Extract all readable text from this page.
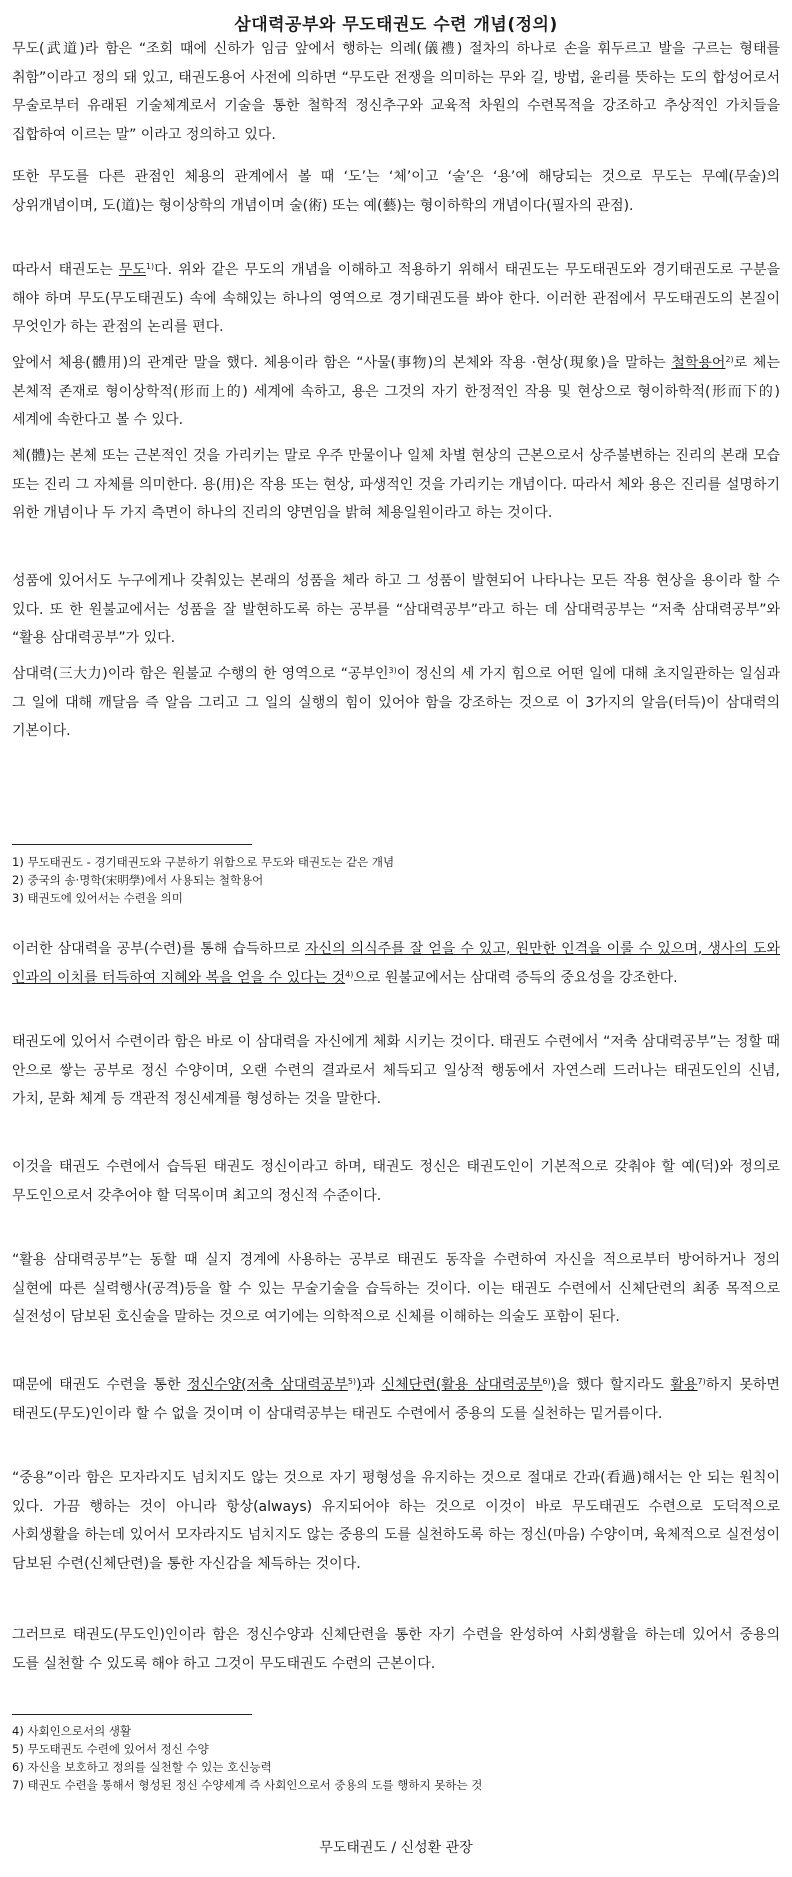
삼대력공부와 무도태권도 수련 개념(정의)

무도(武道)라 함은 “조회 때에 신하가 임금 앞에서 행하는 의례(儀禮) 절차의 하나로 손을 휘두르고 발을 구르는 형태를 취함”이라고 정의 돼 있고, 태권도용어 사전에 의하면 “무도란 전쟁을 의미하는 무와 길, 방법, 윤리를 뜻하는 도의 합성어로서 무술로부터 유래된 기술체계로서 기술을 통한 철학적 정신추구와 교육적 차원의 수련목적을 강조하고 추상적인 가치들을 집합하여 이르는 말” 이라고 정의하고 있다.

또한 무도를 다른 관점인 체용의 관계에서 볼 때 ‘도’는 ‘체’이고 ‘술’은 ‘용’에 해당되는 것으로 무도는 무예(무술)의 상위개념이며, 도(道)는 형이상학의 개념이며 술(術) 또는 예(藝)는 형이하학의 개념이다(필자의 관점).

따라서 태권도는 무도$^{1)}$다. 위와 같은 무도의 개념을 이해하고 적용하기 위해서 태권도는 무도태권도와 경기태권도로 구분을 해야 하며 무도(무도태권도) 속에 속해있는 하나의 영역으로 경기태권도를 봐야 한다. 이러한 관점에서 무도태권도의 본질이 무엇인가 하는 관점의 논리를 편다.

앞에서 체용(體用)의 관계란 말을 했다. 체용이라 함은 “사물(事物)의 본체와 작용 ·현상(現象)을 말하는 철학용어$^{2)}$로 체는 본체적 존재로 형이상학적(形而上的) 세계에 속하고, 용은 그것의 자기 한정적인 작용 및 현상으로 형이하학적(形而下的) 세계에 속한다고 볼 수 있다.

체(體)는 본체 또는 근본적인 것을 가리키는 말로 우주 만물이나 일체 차별 현상의 근본으로서 상주불변하는 진리의 본래 모습 또는 진리 그 자체를 의미한다. 용(用)은 작용 또는 현상, 파생적인 것을 가리키는 개념이다. 따라서 체와 용은 진리를 설명하기 위한 개념이나 두 가지 측면이 하나의 진리의 양면임을 밝혀 체용일원이라고 하는 것이다.

성품에 있어서도 누구에게나 갖춰있는 본래의 성품을 체라 하고 그 성품이 발현되어 나타나는 모든 작용 현상을 용이라 할 수 있다. 또 한 원불교에서는 성품을 잘 발현하도록 하는 공부를 “삼대력공부”라고 하는 데 삼대력공부는 “저축 삼대력공부”와 “활용 삼대력공부”가 있다.

삼대력(三大力)이라 함은 원불교 수행의 한 영역으로 “공부인$^{3)}$이 정신의 세 가지 힘으로 어떤 일에 대해 초지일관하는 일심과 그 일에 대해 깨달음 즉 알음 그리고 그 일의 실행의 힘이 있어야 함을 강조하는 것으로 이 3가지의 알음(터득)이 삼대력의 기본이다.

1) 무도태권도 - 경기태권도와 구분하기 위함으로 무도와 태권도는 같은 개념
2) 중국의 송·명학(宋明學)에서 사용되는 철학용어
3) 태권도에 있어서는 수련을 의미

이러한 삼대력을 공부(수련)를 통해 습득하므로 자신의 의식주를 잘 얻을 수 있고, 원만한 인격을 이룰 수 있으며, 생사의 도와 인과의 이치를 터득하여 지혜와 복을 얻을 수 있다는 것$^{4)}$으로 원불교에서는 삼대력 증득의 중요성을 강조한다.

태권도에 있어서 수련이라 함은 바로 이 삼대력을 자신에게 체화 시키는 것이다. 태권도 수련에서 “저축 삼대력공부”는 정할 때 안으로 쌓는 공부로 정신 수양이며, 오랜 수련의 결과로서 체득되고 일상적 행동에서 자연스레 드러나는 태권도인의 신념, 가치, 문화 체계 등 객관적 정신세계를 형성하는 것을 말한다.

이것을 태권도 수련에서 습득된 태권도 정신이라고 하며, 태권도 정신은 태권도인이 기본적으로 갖춰야 할 예(덕)와 정의로 무도인으로서 갖추어야 할 덕목이며 최고의 정신적 수준이다.

“활용 삼대력공부”는 동할 때 실지 경계에 사용하는 공부로 태권도 동작을 수련하여 자신을 적으로부터 방어하거나 정의 실현에 따른 실력행사(공격)등을 할 수 있는 무술기술을 습득하는 것이다. 이는 태권도 수련에서 신체단련의 최종 목적으로 실전성이 담보된 호신술을 말하는 것으로 여기에는 의학적으로 신체를 이해하는 의술도 포함이 된다.

때문에 태권도 수련을 통한 정신수양(저축 삼대력공부$^{5)}$)과 신체단련(활용 삼대력공부$^{6)}$)을 했다 할지라도 활용$^{7)}$하지 못하면 태권도(무도)인이라 할 수 없을 것이며 이 삼대력공부는 태권도 수련에서 중용의 도를 실천하는 밑거름이다.

“중용”이라 함은 모자라지도 넘치지도 않는 것으로 자기 평형성을 유지하는 것으로 절대로 간과(看過)해서는 안 되는 원칙이 있다. 가끔 행하는 것이 아니라 항상(always) 유지되어야 하는 것으로 이것이 바로 무도태권도 수련으로 도덕적으로 사회생활을 하는데 있어서 모자라지도 넘치지도 않는 중용의 도를 실천하도록 하는 정신(마음) 수양이며, 육체적으로 실전성이 담보된 수련(신체단련)을 통한 자신감을 체득하는 것이다.

그러므로 태권도(무도인)인이라 함은 정신수양과 신체단련을 통한 자기 수련을 완성하여 사회생활을 하는데 있어서 중용의 도를 실천할 수 있도록 해야 하고 그것이 무도태권도 수련의 근본이다.

4) 사회인으로서의 생활
5) 무도태권도 수련에 있어서 정신 수양
6) 자신을 보호하고 정의를 실천할 수 있는 호신능력
7) 태권도 수련을 통해서 형성된 정신 수양세계 즉 사회인으로서 중용의 도를 행하지 못하는 것
무도태권도 / 신성환 관장
